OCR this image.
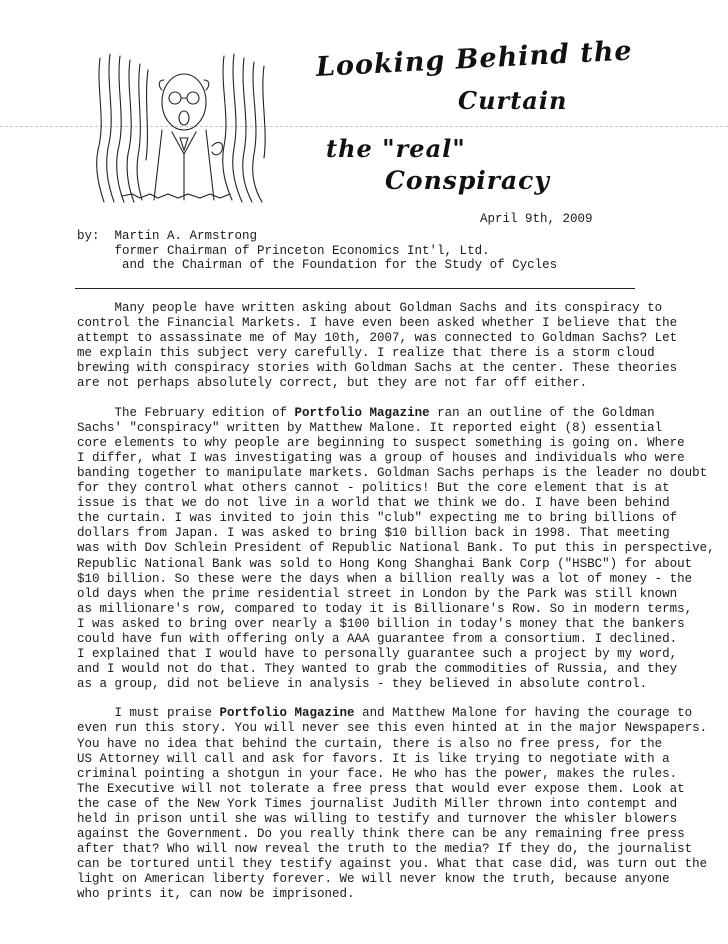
Looking Behind the
Curtain
the "real"
Conspiracy
April 9th, 2009
by:  Martin A. Armstrong
former Chairman of Princeton Economics Int'l, Ltd.
and the Chairman of the Foundation for the Study of Cycles
Many people have written asking about Goldman Sachs and its conspiracy to
control the Financial Markets. I have even been asked whether I believe that the
attempt to assassinate me of May 10th, 2007, was connected to Goldman Sachs? Let
me explain this subject very carefully. I realize that there is a storm cloud
brewing with conspiracy stories with Goldman Sachs at the center. These theories
are not perhaps absolutely correct, but they are not far off either.
The February edition of Portfolio Magazine ran an outline of the Goldman
Sachs' "conspiracy" written by Matthew Malone. It reported eight (8) essential
core elements to why people are beginning to suspect something is going on. Where
I differ, what I was investigating was a group of houses and individuals who were
banding together to manipulate markets. Goldman Sachs perhaps is the leader no doubt
for they control what others cannot - politics! But the core element that is at
issue is that we do not live in a world that we think we do. I have been behind
the curtain. I was invited to join this "club" expecting me to bring billions of
dollars from Japan. I was asked to bring $10 billion back in 1998. That meeting
was with Dov Schlein President of Republic National Bank. To put this in perspective,
Republic National Bank was sold to Hong Kong Shanghai Bank Corp ("HSBC") for about
$10 billion. So these were the days when a billion really was a lot of money - the
old days when the prime residential street in London by the Park was still known
as millionare's row, compared to today it is Billionare's Row. So in modern terms,
I was asked to bring over nearly a $100 billion in today's money that the bankers
could have fun with offering only a AAA guarantee from a consortium. I declined.
I explained that I would have to personally guarantee such a project by my word,
and I would not do that. They wanted to grab the commodities of Russia, and they
as a group, did not believe in analysis - they believed in absolute control.
I must praise Portfolio Magazine and Matthew Malone for having the courage to
even run this story. You will never see this even hinted at in the major Newspapers.
You have no idea that behind the curtain, there is also no free press, for the
US Attorney will call and ask for favors. It is like trying to negotiate with a
criminal pointing a shotgun in your face. He who has the power, makes the rules.
The Executive will not tolerate a free press that would ever expose them. Look at
the case of the New York Times journalist Judith Miller thrown into contempt and
held in prison until she was willing to testify and turnover the whisler blowers
against the Government. Do you really think there can be any remaining free press
after that? Who will now reveal the truth to the media? If they do, the journalist
can be tortured until they testify against you. What that case did, was turn out the
light on American liberty forever. We will never know the truth, because anyone
who prints it, can now be imprisoned.
